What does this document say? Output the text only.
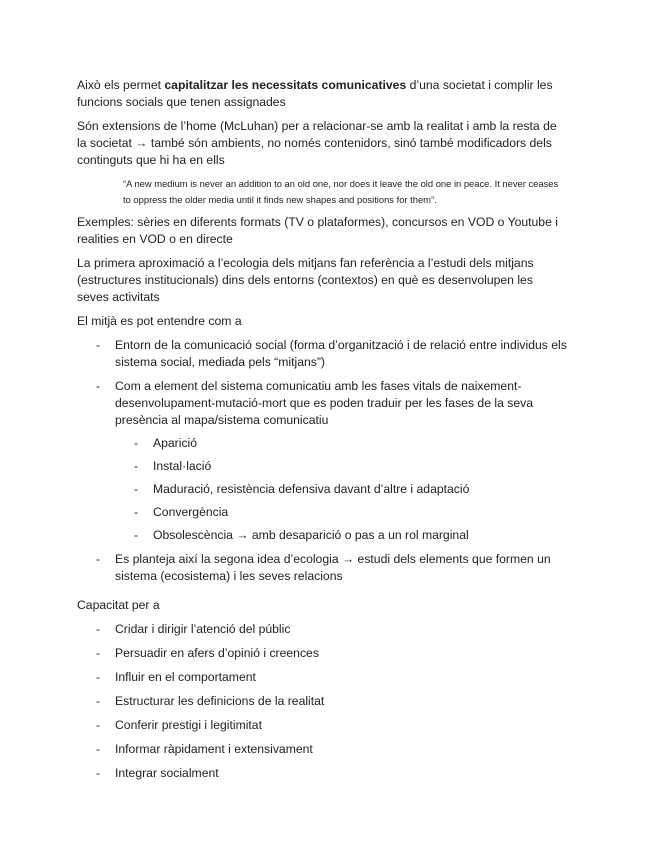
Això els permet capitalitzar les necessitats comunicatives d’una societat i complir les funcions socials que tenen assignades

Són extensions de l’home (McLuhan) per a relacionar-se amb la realitat i amb la resta de la societat → també són ambients, no només contenidors, sinó també modificadors dels continguts que hi ha en ells

“A new medium is never an addition to an old one, nor does it leave the old one in peace. It never ceases to oppress the older media until it finds new shapes and positions for them”.

Exemples: sèries en diferents formats (TV o plataformes), concursos en VOD o Youtube i realities en VOD o en directe

La primera aproximació a l’ecologia dels mitjans fan referència a l’estudi dels mitjans (estructures institucionals) dins dels entorns (contextos) en què es desenvolupen les seves activitats

El mitjà es pot entendre com a

- Entorn de la comunicació social (forma d’organització i de relació entre individus els sistema social, mediada pels “mitjans”)
- Com a element del sistema comunicatiu amb les fases vitals de naixement-desenvolupament-mutació-mort que es poden traduir per les fases de la seva presència al mapa/sistema comunicatiu
- Aparició
- Instal·lació
- Maduració, resistència defensiva davant d’altre i adaptació
- Convergència
- Obsolescència → amb desaparició o pas a un rol marginal
- Es planteja així la segona idea d’ecologia → estudi dels elements que formen un sistema (ecosistema) i les seves relacions

Capacitat per a

- Cridar i dirigir l’atenció del públic
- Persuadir en afers d’opinió i creences
- Influir en el comportament
- Estructurar les definicions de la realitat
- Conferir prestigi i legitimitat
- Informar ràpidament i extensivament
- Integrar socialment
